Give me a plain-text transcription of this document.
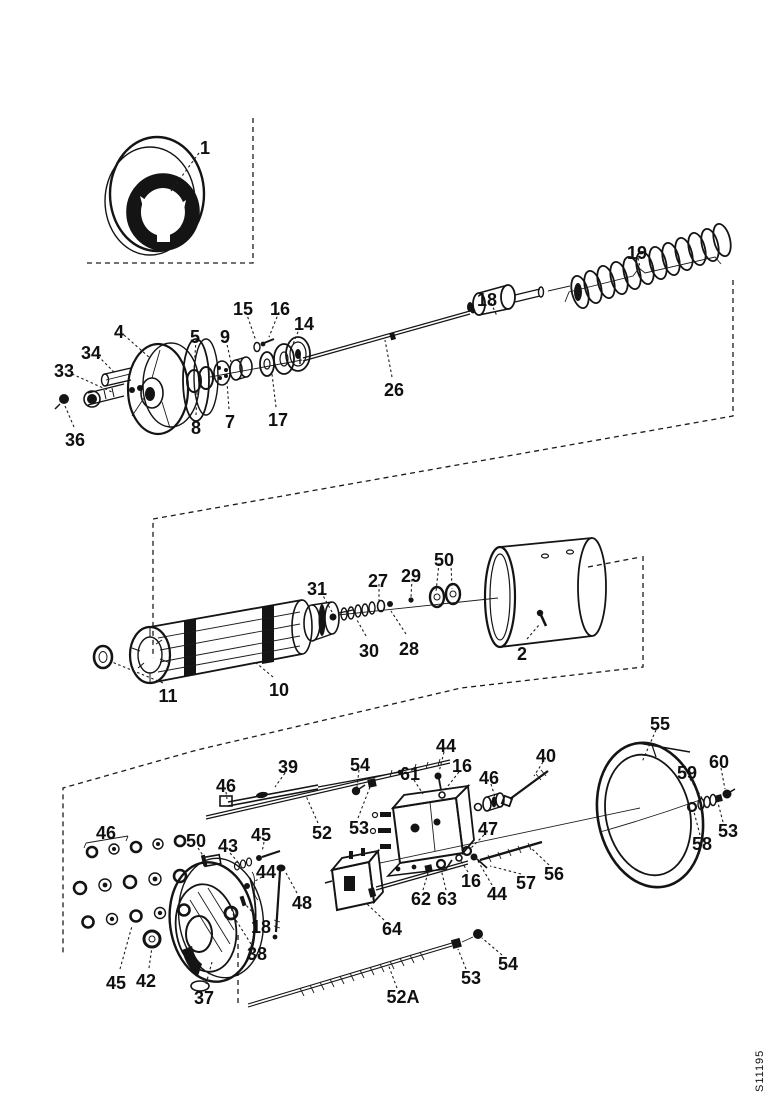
1
33
34
4	5 9
15 16
14
36
8 7 17
26
18
19
11	10
31 27 29
50
30 28	2
46
45 42
37
50 43
45
44
48
18
38
46
39	54
52 53
61
44
16
46
40
47
16
44
62 63
57 56
64
55
59
60
53
58
52A
53
54
S11195
